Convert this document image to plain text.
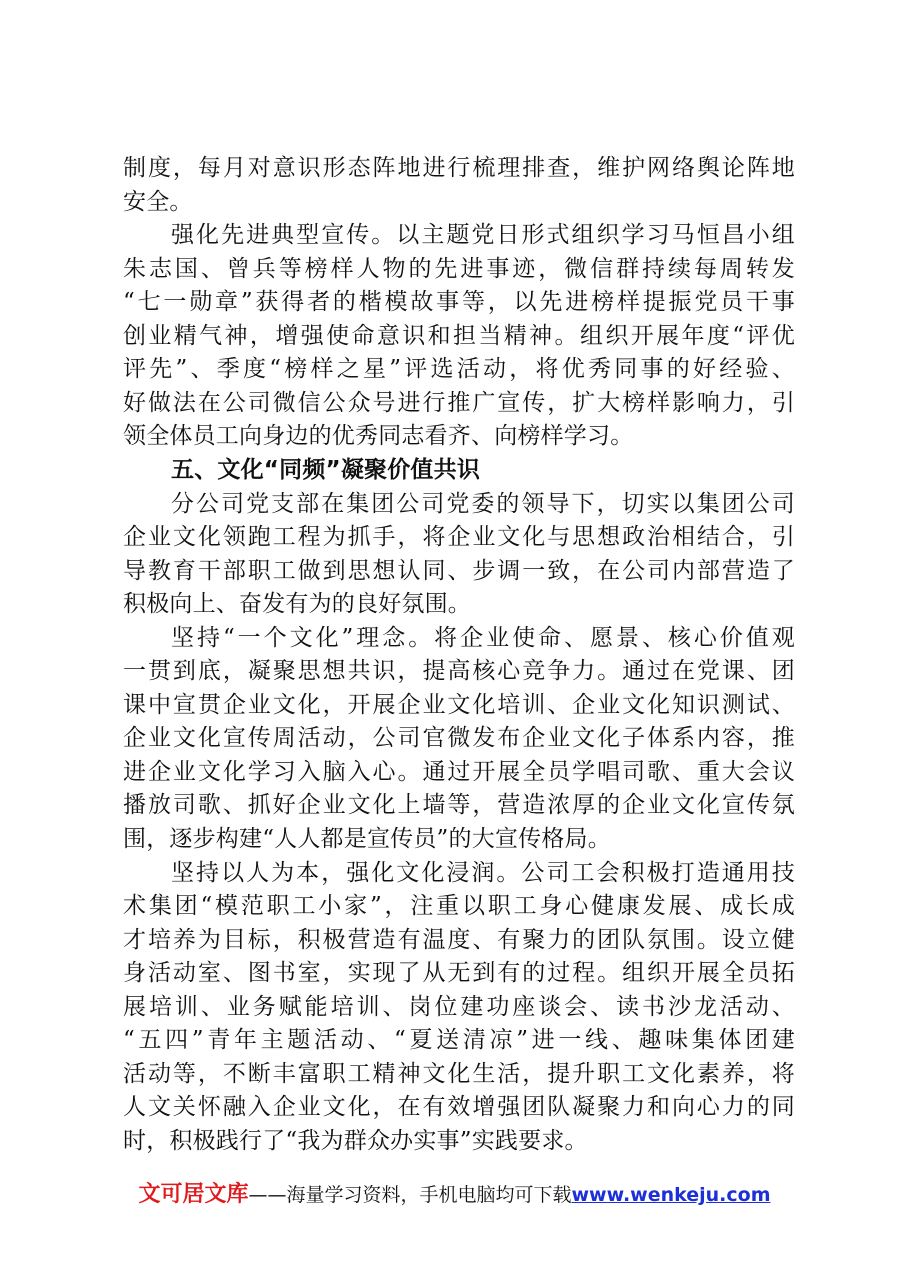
制度，每月对意识形态阵地进行梳理排查，维护网络舆论阵地
安全。
强化先进典型宣传。以主题党日形式组织学习马恒昌小组
朱志国、曾兵等榜样人物的先进事迹，微信群持续每周转发
“七一勋章”获得者的楷模故事等，以先进榜样提振党员干事
创业精气神，增强使命意识和担当精神。组织开展年度“评优
评先”、季度“榜样之星”评选活动，将优秀同事的好经验、
好做法在公司微信公众号进行推广宣传，扩大榜样影响力，引
领全体员工向身边的优秀同志看齐、向榜样学习。
五、文化“同频”凝聚价值共识
分公司党支部在集团公司党委的领导下，切实以集团公司
企业文化领跑工程为抓手，将企业文化与思想政治相结合，引
导教育干部职工做到思想认同、步调一致，在公司内部营造了
积极向上、奋发有为的良好氛围。
坚持“一个文化”理念。将企业使命、愿景、核心价值观
一贯到底，凝聚思想共识，提高核心竞争力。通过在党课、团
课中宣贯企业文化，开展企业文化培训、企业文化知识测试、
企业文化宣传周活动，公司官微发布企业文化子体系内容，推
进企业文化学习入脑入心。通过开展全员学唱司歌、重大会议
播放司歌、抓好企业文化上墙等，营造浓厚的企业文化宣传氛
围，逐步构建“人人都是宣传员”的大宣传格局。
坚持以人为本，强化文化浸润。公司工会积极打造通用技
术集团“模范职工小家”，注重以职工身心健康发展、成长成
才培养为目标，积极营造有温度、有聚力的团队氛围。设立健
身活动室、图书室，实现了从无到有的过程。组织开展全员拓
展培训、业务赋能培训、岗位建功座谈会、读书沙龙活动、
“五四”青年主题活动、“夏送清凉”进一线、趣味集体团建
活动等，不断丰富职工精神文化生活，提升职工文化素养，将
人文关怀融入企业文化，在有效增强团队凝聚力和向心力的同
时，积极践行了“我为群众办实事”实践要求。
文可居文库——海量学习资料，手机电脑均可下载www.wenkeju.com
